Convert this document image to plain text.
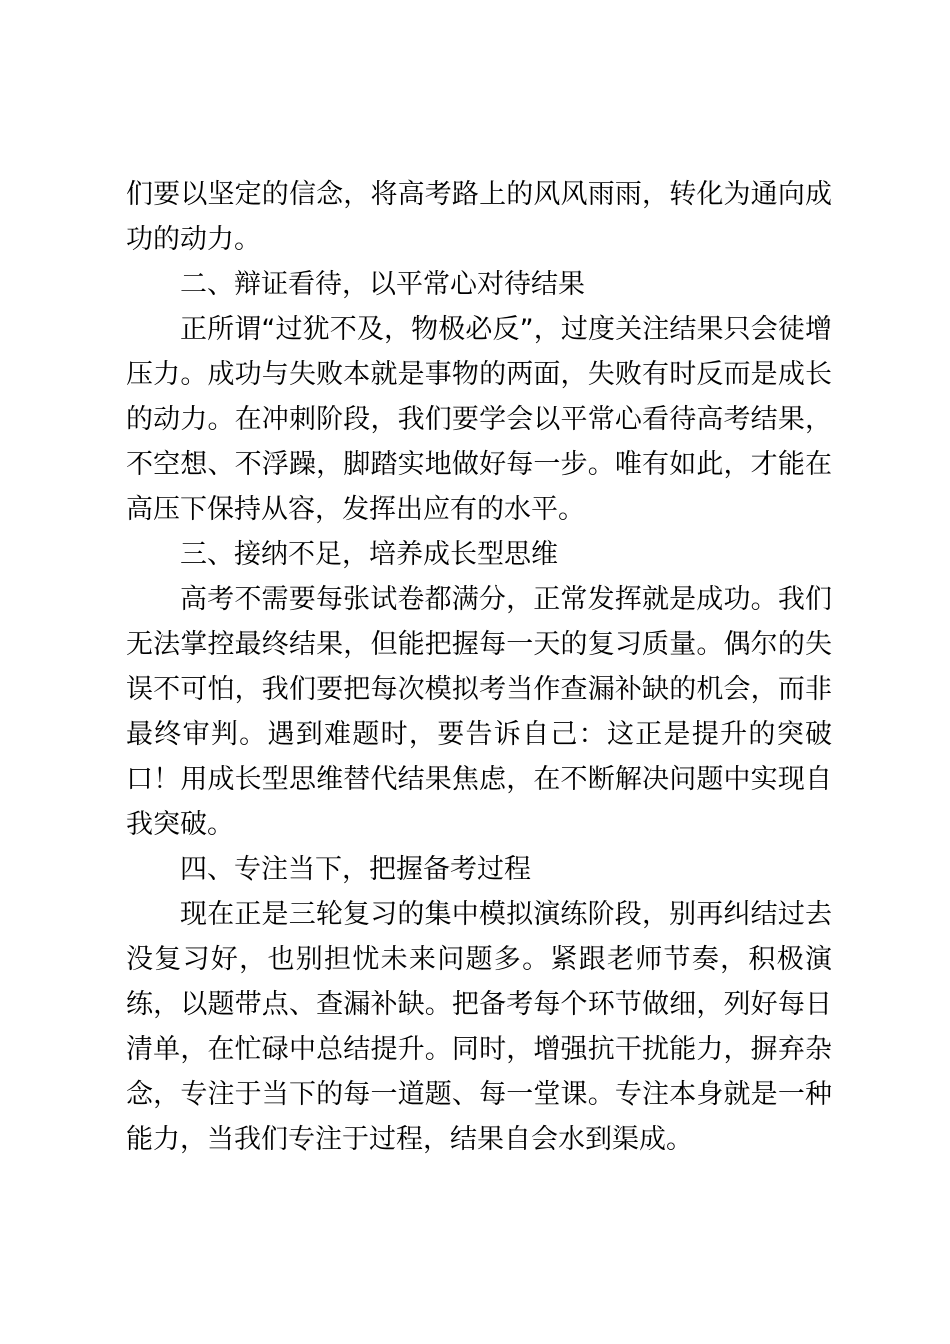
们要以坚定的信念，将高考路上的风风雨雨，转化为通向成功的动力。

二、辩证看待，以平常心对待结果

正所谓“过犹不及，物极必反”，过度关注结果只会徒增压力。成功与失败本就是事物的两面，失败有时反而是成长的动力。在冲刺阶段，我们要学会以平常心看待高考结果，不空想、不浮躁，脚踏实地做好每一步。唯有如此，才能在高压下保持从容，发挥出应有的水平。

三、接纳不足，培养成长型思维

高考不需要每张试卷都满分，正常发挥就是成功。我们无法掌控最终结果，但能把握每一天的复习质量。偶尔的失误不可怕，我们要把每次模拟考当作查漏补缺的机会，而非最终审判。遇到难题时，要告诉自己：这正是提升的突破口！用成长型思维替代结果焦虑，在不断解决问题中实现自我突破。

四、专注当下，把握备考过程

现在正是三轮复习的集中模拟演练阶段，别再纠结过去没复习好，也别担忧未来问题多。紧跟老师节奏，积极演练，以题带点、查漏补缺。把备考每个环节做细，列好每日清单，在忙碌中总结提升。同时，增强抗干扰能力，摒弃杂念，专注于当下的每一道题、每一堂课。专注本身就是一种能力，当我们专注于过程，结果自会水到渠成。
